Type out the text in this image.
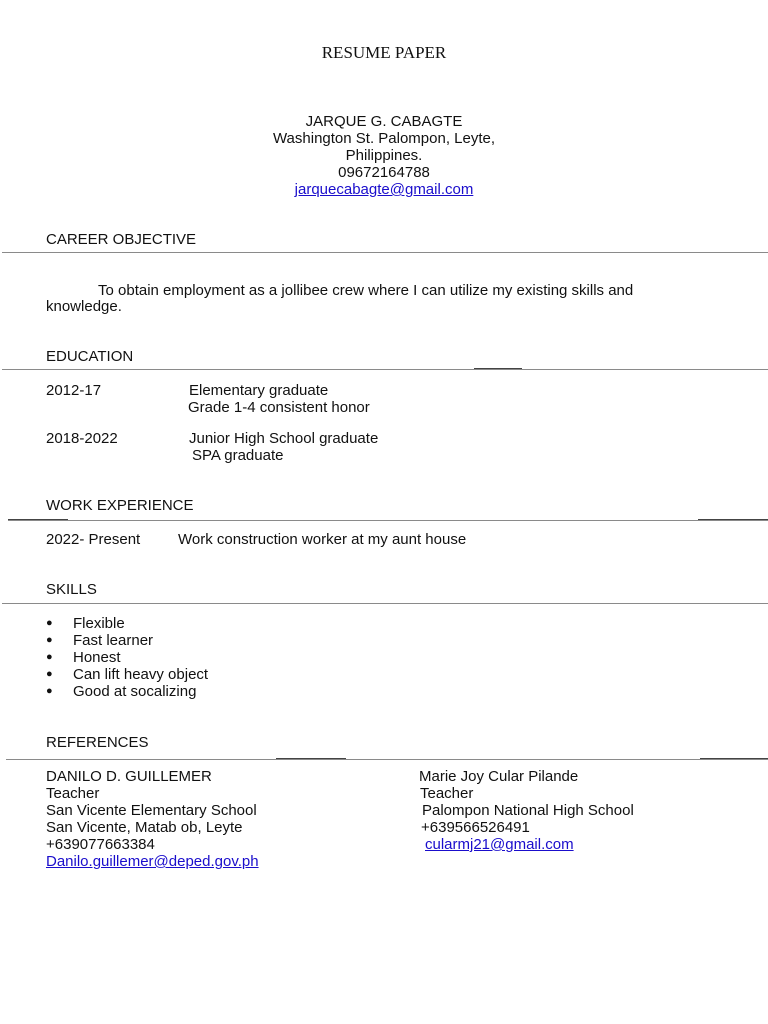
RESUME PAPER
JARQUE G. CABAGTE
Washington St. Palompon, Leyte,
Philippines.
09672164788
jarquecabagte@gmail.com
CAREER OBJECTIVE
To obtain employment as a jollibee crew where I can utilize my existing skills and
knowledge.
EDUCATION
2012-17	Elementary graduate
Grade 1-4 consistent honor
2018-2022	Junior High School graduate
SPA graduate
WORK EXPERIENCE
2022- Present	Work construction worker at my aunt house
SKILLS
● Flexible
● Fast learner
● Honest
● Can lift heavy object
● Good at socalizing
REFERENCES
DANILO D. GUILLEMER
Teacher
San Vicente Elementary School
San Vicente, Matab ob, Leyte
+639077663384
Danilo.guillemer@deped.gov.ph
Marie Joy Cular Pilande
Teacher
Palompon National High School
+639566526491
cularmj21@gmail.com
